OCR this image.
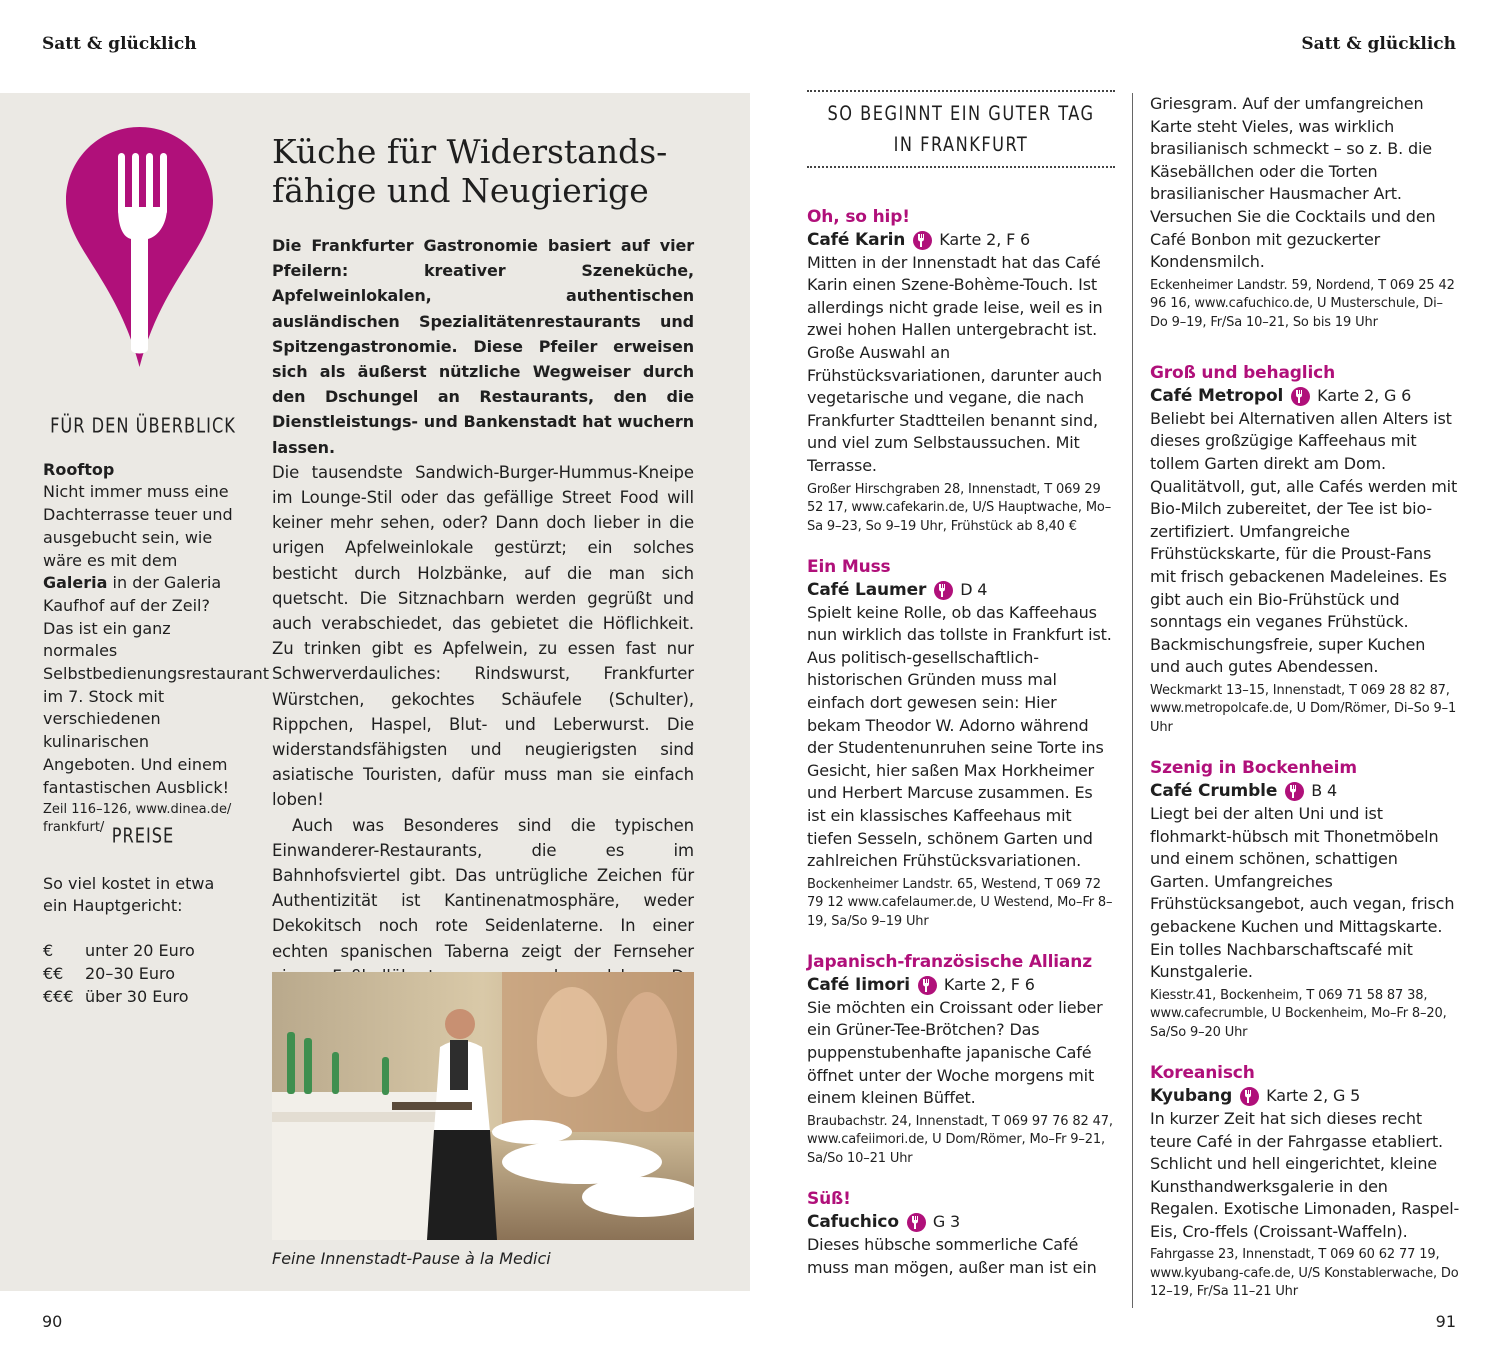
Satt & glücklich	Satt & glücklich
FÜR DEN ÜBERBLICK
Rooftop
Nicht immer muss eine Dachterrasse teuer und ausgebucht sein, wie wäre es mit dem Galeria in der Galeria Kaufhof auf der Zeil? Das ist ein ganz normales Selbstbedienungsrestaurant im 7. Stock mit verschiedenen kulinarischen Angeboten. Und einem fantastischen Ausblick!
Zeil 116–126, www.dinea.de/ frankfurt/ PREISE
So viel kostet in etwa ein Hauptgericht:
€	unter 20 Euro
€€	20–30 Euro
€€€ über 30 Euro
Küche für Widerstands-
fähige und Neugierige

Die Frankfurter Gastronomie basiert auf vier Pfeilern: kreativer Szeneküche, Apfelweinlokalen, authentischen ausländischen Spezialitätenrestaurants und Spitzengastronomie. Diese Pfeiler erweisen sich als äußerst nützliche Wegweiser durch den Dschungel an Restaurants, den die Dienstleistungs- und Bankenstadt hat wuchern lassen.

Die tausendste Sandwich-Burger-Hummus-Kneipe im Lounge-Stil oder das gefällige Street Food will keiner mehr sehen, oder? Dann doch lieber in die urigen Apfelweinlokale gestürzt; ein solches besticht durch Holzbänke, auf die man sich quetscht. Die Sitznachbarn werden gegrüßt und auch verabschiedet, das gebietet die Höflichkeit. Zu trinken gibt es Apfelwein, zu essen fast nur Schwerverdauliches: Rindswurst, Frankfurter Würstchen, gekochtes Schäufele (Schulter), Rippchen, Haspel, Blut- und Leberwurst. Die widerstandsfähigsten und neugierigsten sind asiatische Touristen, dafür muss man sie einfach loben!

Auch was Besonderes sind die typischen Einwanderer-Restaurants, die es im Bahnhofsviertel gibt. Das untrügliche Zeichen für Authentizität ist Kantinenatmosphäre, weder Dekokitsch noch rote Seidenlaterne. In einer echten spanischen Taberna zeigt der Fernseher

Feine Innenstadt-Pause à la Medici
SO BEGINNT EIN GUTER TAG
IN FRANKFURT
Oh, so hip!
Café Karin Karte 2, F 6
Mitten in der Innenstadt hat das Café Karin einen Szene-Bohème-Touch. Ist allerdings nicht grade leise, weil es in zwei hohen Hallen untergebracht ist. Große Auswahl an Frühstücksvariationen, darunter auch vegetarische und vegane, die nach Frankfurter Stadtteilen benannt sind, und viel zum Selbstaussuchen. Mit Terrasse.
Großer Hirschgraben 28, Innenstadt, T 069 29 52 17, www.cafekarin.de, U/S Hauptwache, Mo–Sa 9–23, So 9–19 Uhr, Frühstück ab 8,40 €
Ein Muss
Café Laumer D 4
Spielt keine Rolle, ob das Kaffeehaus nun wirklich das tollste in Frankfurt ist. Aus politisch-gesellschaftlich-historischen Gründen muss mal einfach dort gewesen sein: Hier bekam Theodor W. Adorno während der Studentenunruhen seine Torte ins Gesicht, hier saßen Max Horkheimer und Herbert Marcuse zusammen. Es ist ein klassisches Kaffeehaus mit tiefen Sesseln, schönem Garten und zahlreichen Frühstücksvariationen.
Bockenheimer Landstr. 65, Westend, T 069 72 79 12 www.cafelaumer.de, U Westend, Mo–Fr 8–19, Sa/So 9–19 Uhr
Japanisch-französische Allianz
Café Iimori Karte 2, F 6
Sie möchten ein Croissant oder lieber ein Grüner-Tee-Brötchen? Das puppenstubenhafte japanische Café öffnet unter der Woche morgens mit einem kleinen Büffet.
Braubachstr. 24, Innenstadt, T 069 97 76 82 47, www.cafeiimori.de, U Dom/Römer, Mo–Fr 9–21, Sa/So 10–21 Uhr
Süß!
Cafuchico G 3
Dieses hübsche sommerliche Café muss man mögen, außer man ist ein
Griesgram. Auf der umfangreichen Karte steht Vieles, was wirklich brasilianisch schmeckt – so z. B. die Käsebällchen oder die Torten brasilianischer Hausmacher Art. Versuchen Sie die Cocktails und den Café Bonbon mit gezuckerter Kondensmilch.
Eckenheimer Landstr. 59, Nordend, T 069 25 42 96 16, www.cafuchico.de, U Musterschule, Di–Do 9–19, Fr/Sa 10–21, So bis 19 Uhr
Groß und behaglich
Café Metropol Karte 2, G 6
Beliebt bei Alternativen allen Alters ist dieses großzügige Kaffeehaus mit tollem Garten direkt am Dom. Qualitätvoll, gut, alle Cafés werden mit Bio-Milch zubereitet, der Tee ist bio-zertifiziert. Umfangreiche Frühstückskarte, für die Proust-Fans mit frisch gebackenen Madeleines. Es gibt auch ein Bio-Frühstück und sonntags ein veganes Frühstück. Backmischungsfreie, super Kuchen und auch gutes Abendessen.
Weckmarkt 13–15, Innenstadt, T 069 28 82 87, www.metropolcafe.de, U Dom/Römer, Di–So 9–1 Uhr
Szenig in Bockenheim
Café Crumble B 4
Liegt bei der alten Uni und ist flohmarkt-hübsch mit Thonetmöbeln und einem schönen, schattigen Garten. Umfangreiches Frühstücksangebot, auch vegan, frisch gebackene Kuchen und Mittagskarte. Ein tolles Nachbarschaftscafé mit Kunstgalerie.
Kiesstr.41, Bockenheim, T 069 71 58 87 38, www.cafecrumble, U Bockenheim, Mo–Fr 8–20, Sa/So 9–20 Uhr
Koreanisch
Kyubang Karte 2, G 5
In kurzer Zeit hat sich dieses recht teure Café in der Fahrgasse etabliert. Schlicht und hell eingerichtet, kleine Kunsthandwerksgalerie in den Regalen. Exotische Limonaden, Raspel-Eis, Cro-ffels (Croissant-Waffeln).
Fahrgasse 23, Innenstadt, T 069 60 62 77 19, www.kyubang-cafe.de, U/S Konstablerwache, Do 12–19, Fr/Sa 11–21 Uhr
90	91
